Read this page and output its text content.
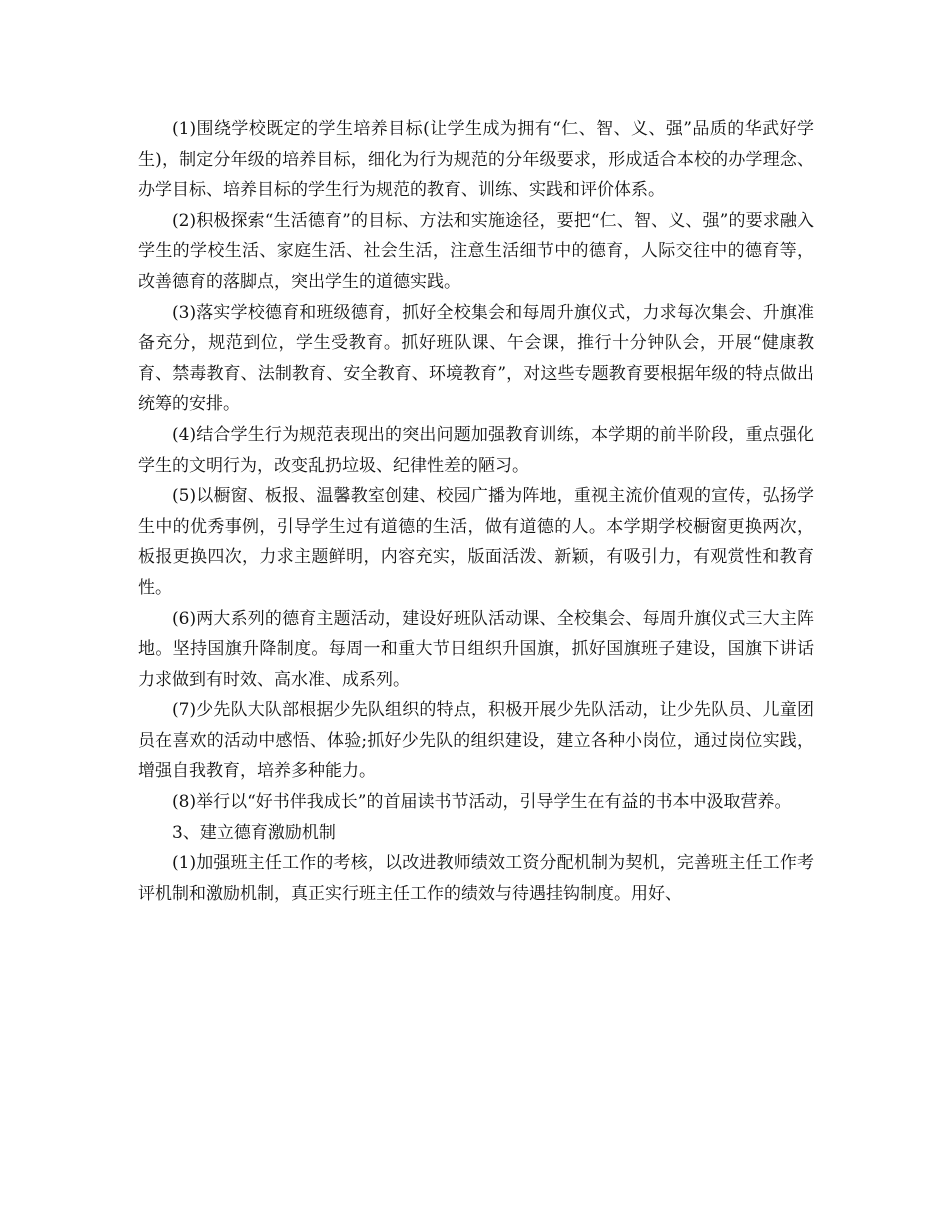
(1)围绕学校既定的学生培养目标(让学生成为拥有“仁、智、义、强”品质的华武好学生)，制定分年级的培养目标，细化为行为规范的分年级要求，形成适合本校的办学理念、办学目标、培养目标的学生行为规范的教育、训练、实践和评价体系。

(2)积极探索“生活德育”的目标、方法和实施途径，要把“仁、智、义、强”的要求融入学生的学校生活、家庭生活、社会生活，注意生活细节中的德育，人际交往中的德育等，改善德育的落脚点，突出学生的道德实践。

(3)落实学校德育和班级德育，抓好全校集会和每周升旗仪式，力求每次集会、升旗准备充分，规范到位，学生受教育。抓好班队课、午会课，推行十分钟队会，开展“健康教育、禁毒教育、法制教育、安全教育、环境教育”，对这些专题教育要根据年级的特点做出统筹的安排。

(4)结合学生行为规范表现出的突出问题加强教育训练，本学期的前半阶段，重点强化学生的文明行为，改变乱扔垃圾、纪律性差的陋习。

(5)以橱窗、板报、温馨教室创建、校园广播为阵地，重视主流价值观的宣传，弘扬学生中的优秀事例，引导学生过有道德的生活，做有道德的人。本学期学校橱窗更换两次，板报更换四次，力求主题鲜明，内容充实，版面活泼、新颖，有吸引力，有观赏性和教育性。

(6)两大系列的德育主题活动，建设好班队活动课、全校集会、每周升旗仪式三大主阵地。坚持国旗升降制度。每周一和重大节日组织升国旗，抓好国旗班子建设，国旗下讲话力求做到有时效、高水准、成系列。

(7)少先队大队部根据少先队组织的特点，积极开展少先队活动，让少先队员、儿童团员在喜欢的活动中感悟、体验;抓好少先队的组织建设，建立各种小岗位，通过岗位实践，增强自我教育，培养多种能力。

(8)举行以“好书伴我成长”的首届读书节活动，引导学生在有益的书本中汲取营养。

3、建立德育激励机制

(1)加强班主任工作的考核，以改进教师绩效工资分配机制为契机，完善班主任工作考评机制和激励机制，真正实行班主任工作的绩效与待遇挂钩制度。用好、
